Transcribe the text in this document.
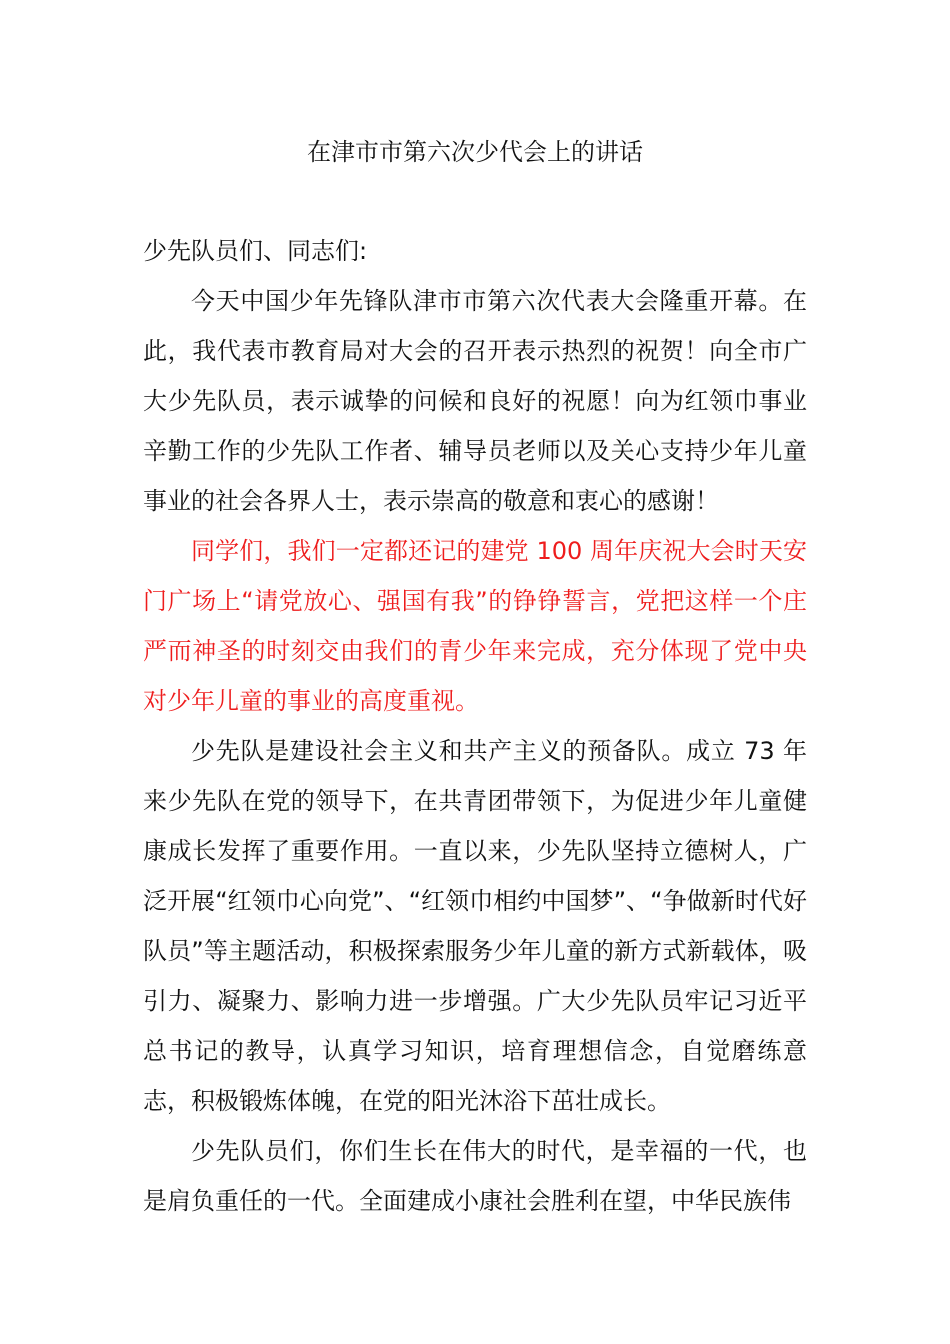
在津市市第六次少代会上的讲话

少先队员们、同志们:

今天中国少年先锋队津市市第六次代表大会隆重开幕。在此，我代表市教育局对大会的召开表示热烈的祝贺！向全市广大少先队员，表示诚挚的问候和良好的祝愿！向为红领巾事业辛勤工作的少先队工作者、辅导员老师以及关心支持少年儿童事业的社会各界人士，表示崇高的敬意和衷心的感谢！

同学们，我们一定都还记的建党 100 周年庆祝大会时天安门广场上“请党放心、强国有我”的铮铮誓言，党把这样一个庄严而神圣的时刻交由我们的青少年来完成，充分体现了党中央对少年儿童的事业的高度重视。

少先队是建设社会主义和共产主义的预备队。成立 73 年来少先队在党的领导下，在共青团带领下，为促进少年儿童健康成长发挥了重要作用。一直以来，少先队坚持立德树人，广泛开展“红领巾心向党”、“红领巾相约中国梦”、“争做新时代好队员”等主题活动，积极探索服务少年儿童的新方式新载体，吸引力、凝聚力、影响力进一步增强。广大少先队员牢记习近平总书记的教导，认真学习知识，培育理想信念，自觉磨练意志，积极锻炼体魄，在党的阳光沐浴下茁壮成长。

少先队员们，你们生长在伟大的时代，是幸福的一代，也是肩负重任的一代。全面建成小康社会胜利在望，中华民族伟
